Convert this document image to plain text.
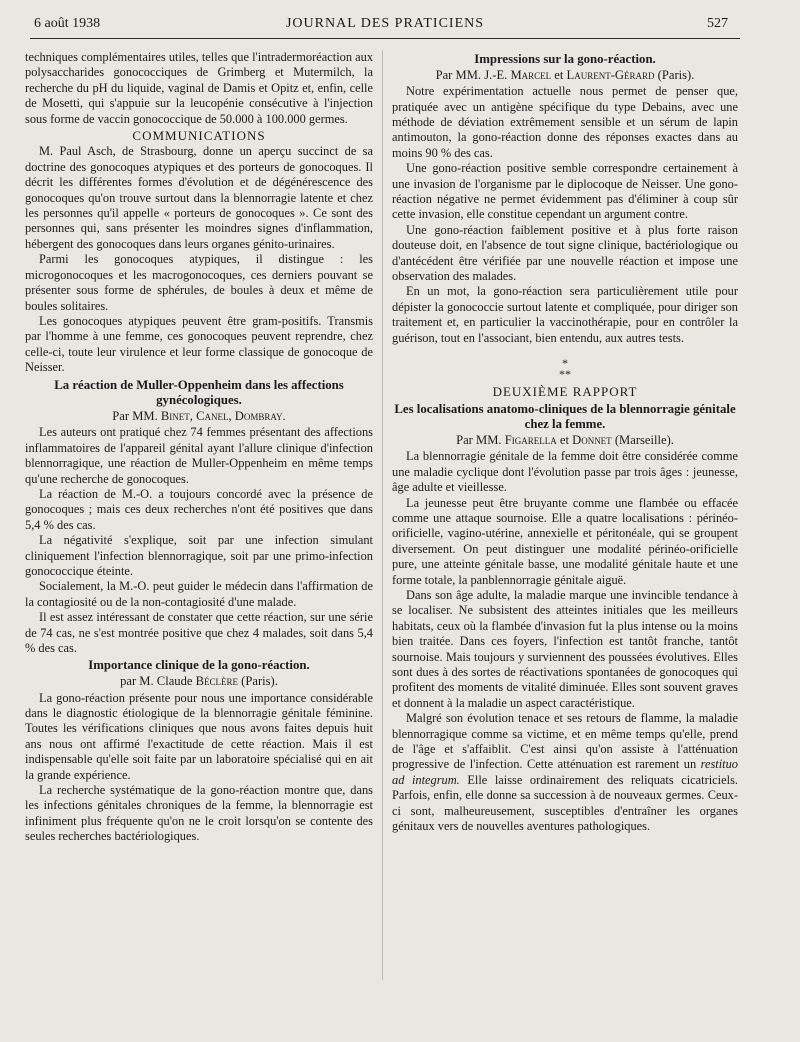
6 août 1938	JOURNAL DES PRATICIENS	527

techniques complémentaires utiles, telles que l'intradermoréaction aux polysaccharides gonococciques de Grimberg et Mutermilch, la recherche du pH du liquide, vaginal de Damis et Opitz et, enfin, celle de Mosetti, qui s'appuie sur la leucopénie consécutive à l'injection sous forme de vaccin gonococcique de 50.000 à 100.000 germes.

COMMUNICATIONS

M. Paul Asch, de Strasbourg, donne un aperçu succinct de sa doctrine des gonocoques atypiques et des porteurs de gonocoques. Il décrit les différentes formes d'évolution et de dégénérescence des gonocoques qu'on trouve surtout dans la blennorragie latente et chez les personnes qu'il appelle « porteurs de gonocoques ». Ce sont des personnes qui, sans présenter les moindres signes d'inflammation, hébergent des gonocoques dans leurs organes génito-urinaires.

Parmi les gonocoques atypiques, il distingue : les microgonocoques et les macrogonocoques, ces derniers pouvant se présenter sous forme de sphérules, de boules à deux et même de boules solitaires.

Les gonocoques atypiques peuvent être gram-positifs. Transmis par l'homme à une femme, ces gonocoques peuvent reprendre, chez celle-ci, toute leur virulence et leur forme classique de gonocoque de Neisser.

La réaction de Muller-Oppenheim dans les affections gynécologiques.
Par MM. Binet, Canel, Dombray.

Les auteurs ont pratiqué chez 74 femmes présentant des affections inflammatoires de l'appareil génital ayant l'allure clinique d'infection blennorragique, une réaction de Muller-Oppenheim en même temps qu'une recherche de gonocoques.

La réaction de M.-O. a toujours concordé avec la présence de gonocoques ; mais ces deux recherches n'ont été positives que dans 5,4 % des cas.

La négativité s'explique, soit par une infection simulant cliniquement l'infection blennorragique, soit par une primo-infection gonococcique éteinte.

Socialement, la M.-O. peut guider le médecin dans l'affirmation de la contagiosité ou de la non-contagiosité d'une malade.

Il est assez intéressant de constater que cette réaction, sur une série de 74 cas, ne s'est montrée positive que chez 4 malades, soit dans 5,4 % des cas.

Importance clinique de la gono-réaction.
par M. Claude Béclère (Paris).

La gono-réaction présente pour nous une importance considérable dans le diagnostic étiologique de la blennorragie génitale féminine. Toutes les vérifications cliniques que nous avons faites depuis huit ans nous ont affirmé l'exactitude de cette réaction. Mais il est indispensable qu'elle soit faite par un laboratoire spécialisé qui en ait la grande expérience.

La recherche systématique de la gono-réaction montre que, dans les infections génitales chroniques de la femme, la blennorragie est infiniment plus fréquente qu'on ne le croit lorsqu'on se contente des seules recherches bactériologiques.

Impressions sur la gono-réaction.
Par MM. J.-E. Marcel et Laurent-Gérard (Paris).

Notre expérimentation actuelle nous permet de penser que, pratiquée avec un antigène spécifique du type Debains, avec une méthode de déviation extrêmement sensible et un sérum de lapin antimouton, la gono-réaction donne des réponses exactes dans au moins 90 % des cas.

Une gono-réaction positive semble correspondre certainement à une invasion de l'organisme par le diplocoque de Neisser. Une gono-réaction négative ne permet évidemment pas d'éliminer à coup sûr cette invasion, elle constitue cependant un argument contre.

Une gono-réaction faiblement positive et à plus forte raison douteuse doit, en l'absence de tout signe clinique, bactériologique ou d'antécédent être vérifiée par une nouvelle réaction et impose une observation des malades.

En un mot, la gono-réaction sera particulièrement utile pour dépister la gonococcie surtout latente et compliquée, pour diriger son traitement et, en particulier la vaccinothérapie, pour en contrôler la guérison, tout en l'associant, bien entendu, aux autres tests.

*
**
DEUXIÈME RAPPORT
Les localisations anatomo-cliniques de la blennorragie génitale chez la femme.
Par MM. Figarella et Donnet (Marseille).

La blennorragie génitale de la femme doit être considérée comme une maladie cyclique dont l'évolution passe par trois âges : jeunesse, âge adulte et vieillesse.

La jeunesse peut être bruyante comme une flambée ou effacée comme une attaque sournoise. Elle a quatre localisations : périnéo-orificielle, vagino-utérine, annexielle et péritonéale, qui se groupent diversement. On peut distinguer une modalité périnéo-orificielle pure, une atteinte génitale basse, une modalité génitale haute et une forme totale, la panblennorragie génitale aiguë.

Dans son âge adulte, la maladie marque une invincible tendance à se localiser. Ne subsistent des atteintes initiales que les meilleurs habitats, ceux où la flambée d'invasion fut la plus intense ou la moins bien traitée. Dans ces foyers, l'infection est tantôt franche, tantôt sournoise. Mais toujours y surviennent des poussées évolutives. Elles sont dues à des sortes de réactivations spontanées de gonocoques qui profitent des moments de vitalité diminuée. Elles sont souvent graves et donnent à la maladie un aspect caractéristique.

Malgré son évolution tenace et ses retours de flamme, la maladie blennorragique comme sa victime, et en même temps qu'elle, prend de l'âge et s'affaiblit. C'est ainsi qu'on assiste à l'atténuation progressive de l'infection. Cette atténuation est rarement un restituo ad integrum. Elle laisse ordinairement des reliquats cicatriciels. Parfois, enfin, elle donne sa succession à de nouveaux germes. Ceux-ci sont, malheureusement, susceptibles d'entraîner les organes génitaux vers de nouvelles aventures pathologiques.
